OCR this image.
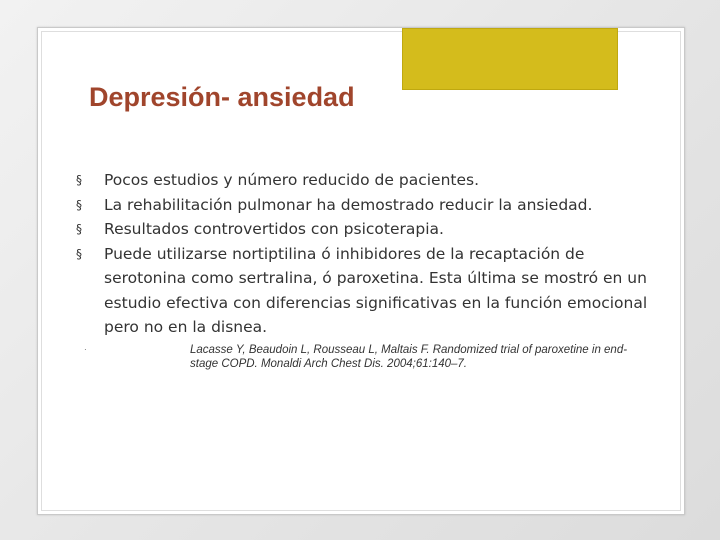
Depresión- ansiedad
§	Pocos estudios y número reducido de pacientes.
§	La rehabilitación pulmonar ha demostrado reducir la ansiedad.
§	Resultados controvertidos con psicoterapia.
§	Puede utilizarse nortiptilina ó inhibidores de la recaptación de serotonina como sertralina, ó paroxetina. Esta última se mostró en un estudio efectiva con diferencias significativas en la función emocional pero no en la disnea.
·	Lacasse Y, Beaudoin L, Rousseau L, Maltais F. Randomized trial of paroxetine in end-stage COPD. Monaldi Arch Chest Dis. 2004;61:140–7.
